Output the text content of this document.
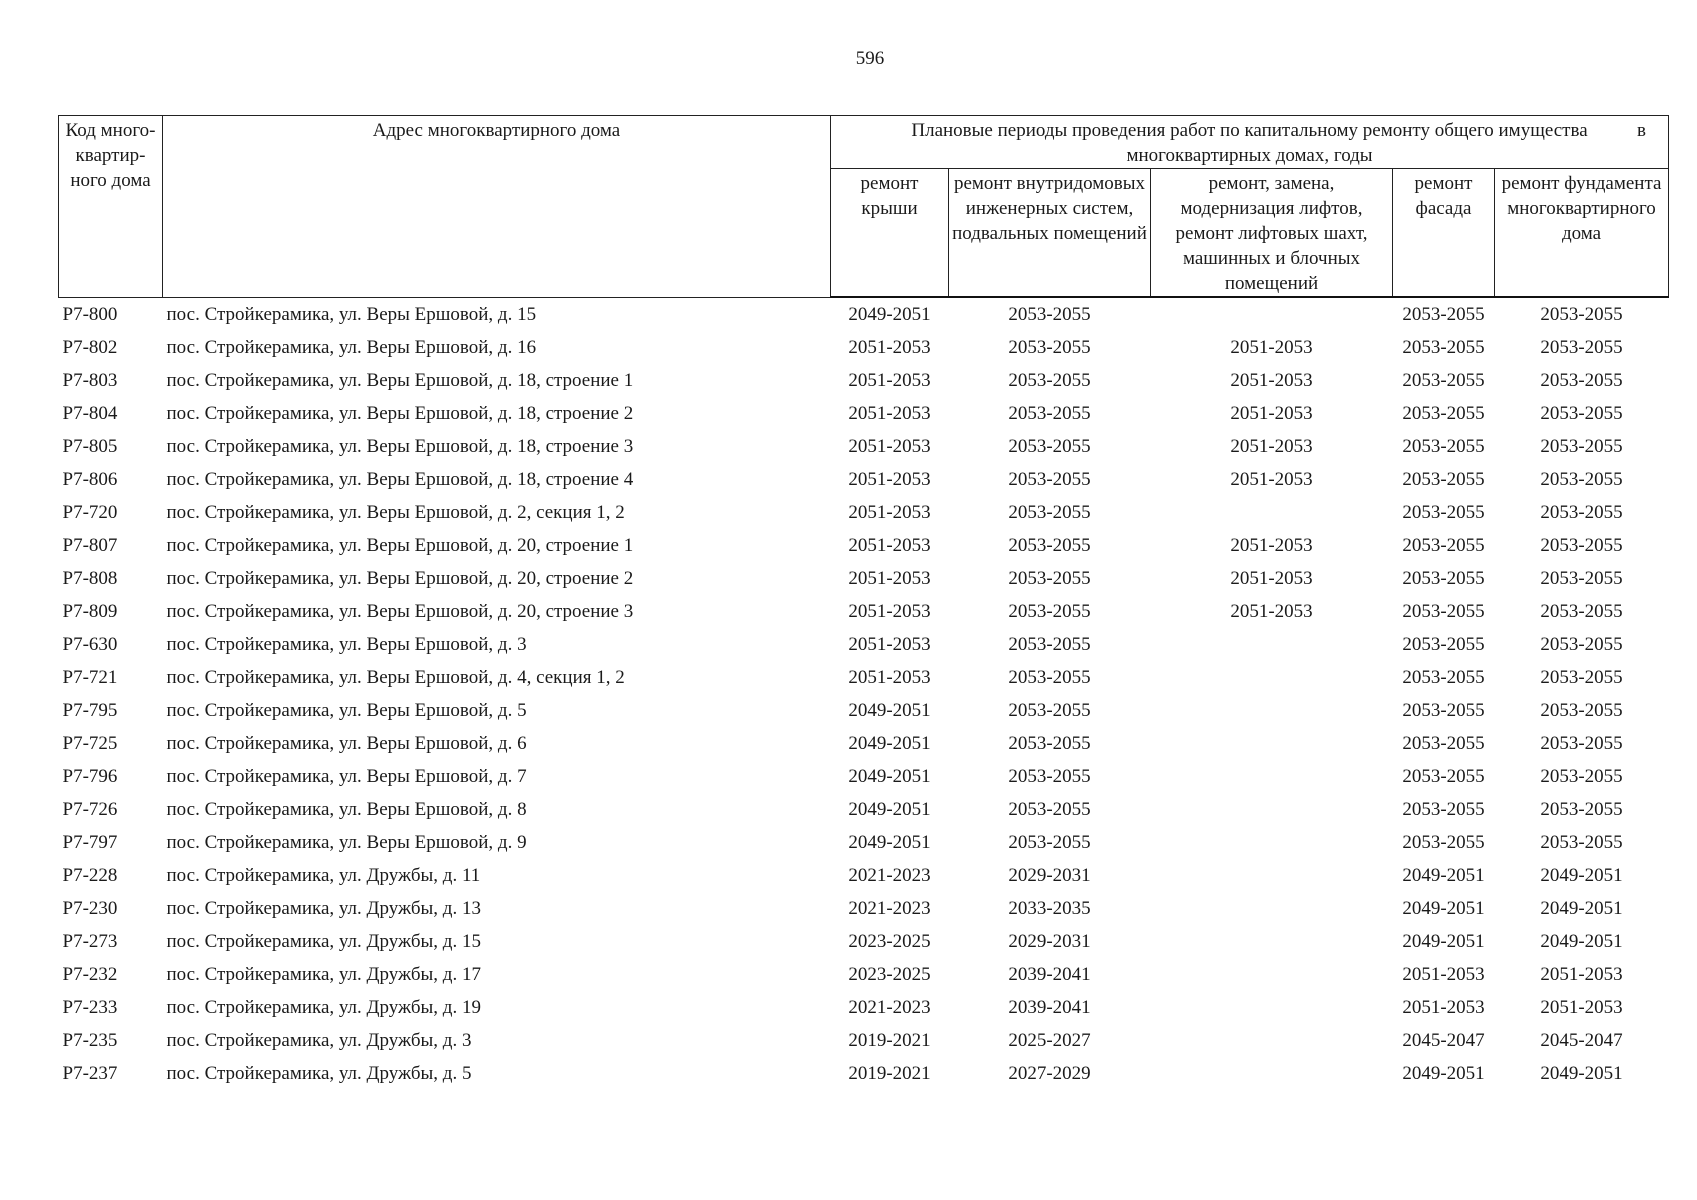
596
Код много-квартир-ного дома	Адрес многоквартирного дома	Плановые периоды проведения работ по капитальному ремонту общего имущества в

многоквартирных домах, годы				
		ремонт крыши	ремонт внутридомовых инженерных систем, подвальных помещений	ремонт, замена, модернизация лифтов, ремонт лифтовых шахт, машинных и блочных помещений	ремонт фасада	ремонт фундамента многоквартирного дома
Р7-800	пос. Стройкерамика, ул. Веры Ершовой, д. 15	2049-2051	2053-2055		2053-2055	2053-2055
Р7-802	пос. Стройкерамика, ул. Веры Ершовой, д. 16	2051-2053	2053-2055	2051-2053	2053-2055	2053-2055
Р7-803	пос. Стройкерамика, ул. Веры Ершовой, д. 18, строение 1	2051-2053	2053-2055	2051-2053	2053-2055	2053-2055
Р7-804	пос. Стройкерамика, ул. Веры Ершовой, д. 18, строение 2	2051-2053	2053-2055	2051-2053	2053-2055	2053-2055
Р7-805	пос. Стройкерамика, ул. Веры Ершовой, д. 18, строение 3	2051-2053	2053-2055	2051-2053	2053-2055	2053-2055
Р7-806	пос. Стройкерамика, ул. Веры Ершовой, д. 18, строение 4	2051-2053	2053-2055	2051-2053	2053-2055	2053-2055
Р7-720	пос. Стройкерамика, ул. Веры Ершовой, д. 2, секция 1, 2	2051-2053	2053-2055		2053-2055	2053-2055
Р7-807	пос. Стройкерамика, ул. Веры Ершовой, д. 20, строение 1	2051-2053	2053-2055	2051-2053	2053-2055	2053-2055
Р7-808	пос. Стройкерамика, ул. Веры Ершовой, д. 20, строение 2	2051-2053	2053-2055	2051-2053	2053-2055	2053-2055
Р7-809	пос. Стройкерамика, ул. Веры Ершовой, д. 20, строение 3	2051-2053	2053-2055	2051-2053	2053-2055	2053-2055
Р7-630	пос. Стройкерамика, ул. Веры Ершовой, д. 3	2051-2053	2053-2055		2053-2055	2053-2055
Р7-721	пос. Стройкерамика, ул. Веры Ершовой, д. 4, секция 1, 2	2051-2053	2053-2055		2053-2055	2053-2055
Р7-795	пос. Стройкерамика, ул. Веры Ершовой, д. 5	2049-2051	2053-2055		2053-2055	2053-2055
Р7-725	пос. Стройкерамика, ул. Веры Ершовой, д. 6	2049-2051	2053-2055		2053-2055	2053-2055
Р7-796	пос. Стройкерамика, ул. Веры Ершовой, д. 7	2049-2051	2053-2055		2053-2055	2053-2055
Р7-726	пос. Стройкерамика, ул. Веры Ершовой, д. 8	2049-2051	2053-2055		2053-2055	2053-2055
Р7-797	пос. Стройкерамика, ул. Веры Ершовой, д. 9	2049-2051	2053-2055		2053-2055	2053-2055
Р7-228	пос. Стройкерамика, ул. Дружбы, д. 11	2021-2023	2029-2031		2049-2051	2049-2051
Р7-230	пос. Стройкерамика, ул. Дружбы, д. 13	2021-2023	2033-2035		2049-2051	2049-2051
Р7-273	пос. Стройкерамика, ул. Дружбы, д. 15	2023-2025	2029-2031		2049-2051	2049-2051
Р7-232	пос. Стройкерамика, ул. Дружбы, д. 17	2023-2025	2039-2041		2051-2053	2051-2053
Р7-233	пос. Стройкерамика, ул. Дружбы, д. 19	2021-2023	2039-2041		2051-2053	2051-2053
Р7-235	пос. Стройкерамика, ул. Дружбы, д. 3	2019-2021	2025-2027		2045-2047	2045-2047
Р7-237	пос. Стройкерамика, ул. Дружбы, д. 5	2019-2021	2027-2029		2049-2051	2049-2051
